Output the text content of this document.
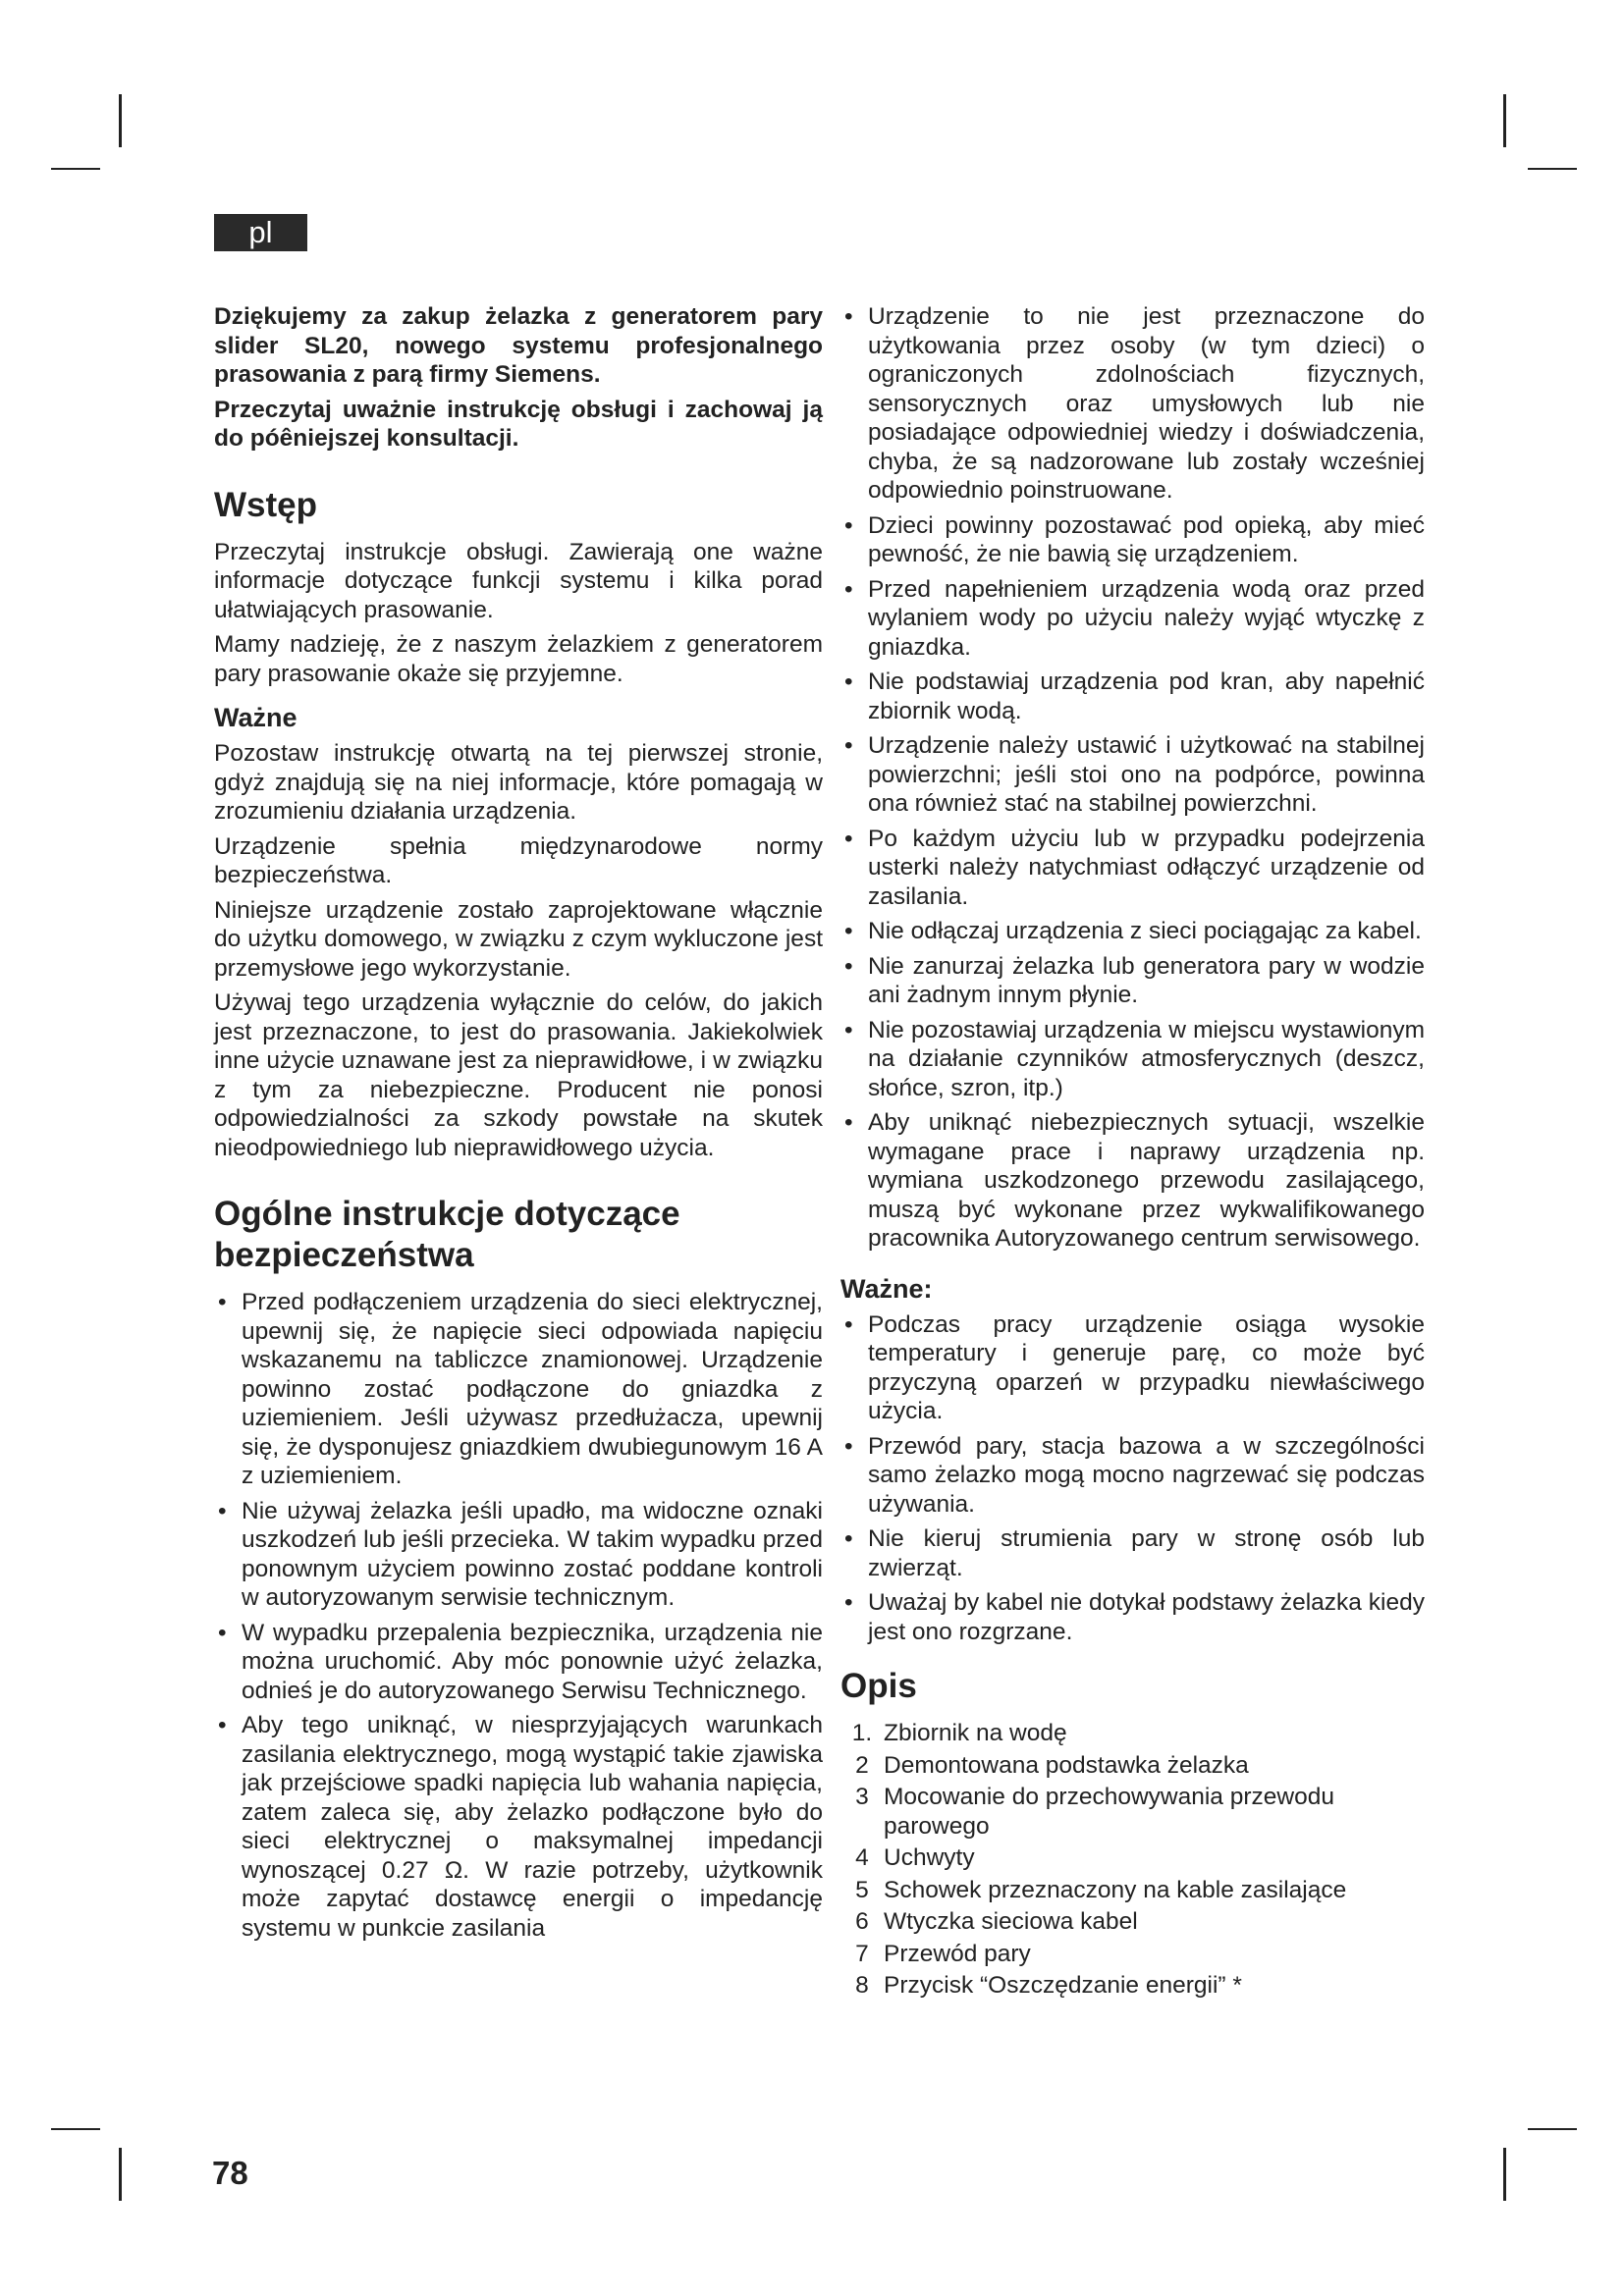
pl

Dziękujemy za zakup żelazka z generatorem pary slider SL20, nowego systemu profesjonalnego prasowania z parą firmy Siemens.

Przeczytaj uważnie instrukcję obsługi i zachowaj ją do póêniejszej konsultacji.

Wstęp

Przeczytaj instrukcje obsługi. Zawierają one ważne informacje dotyczące funkcji systemu i kilka porad ułatwiających prasowanie.

Mamy nadzieję, że z naszym żelazkiem z generatorem pary prasowanie okaże się przyjemne.

Ważne

Pozostaw instrukcję otwartą na tej pierwszej stronie, gdyż znajdują się na niej informacje, które pomagają w zrozumieniu działania urządzenia.

Urządzenie spełnia międzynarodowe normy bezpieczeństwa.

Niniejsze urządzenie zostało zaprojektowane włącznie do użytku domowego, w związku z czym wykluczone jest przemysłowe jego wykorzystanie.

Używaj tego urządzenia wyłącznie do celów, do jakich jest przeznaczone, to jest do prasowania. Jakiekolwiek inne użycie uznawane jest za nieprawidłowe, i w związku z tym za niebezpieczne. Producent nie ponosi odpowiedzialności za szkody powstałe na skutek nieodpowiedniego lub nieprawidłowego użycia.

Ogólne instrukcje dotyczące bezpieczeństwa
• Przed podłączeniem urządzenia do sieci elektrycznej, upewnij się, że napięcie sieci odpowiada napięciu wskazanemu na tabliczce znamionowej. Urządzenie powinno zostać podłączone do gniazdka z uziemieniem. Jeśli używasz przedłużacza, upewnij się, że dysponujesz gniazdkiem dwubiegunowym 16 A z uziemieniem.
• Nie używaj żelazka jeśli upadło, ma widoczne oznaki uszkodzeń lub jeśli przecieka. W takim wypadku przed ponownym użyciem powinno zostać poddane kontroli w autoryzowanym serwisie technicznym.
• W wypadku przepalenia bezpiecznika, urządzenia nie można uruchomić. Aby móc ponownie użyć żelazka, odnieś je do autoryzowanego Serwisu Technicznego.
• Aby tego uniknąć, w niesprzyjających warunkach zasilania elektrycznego, mogą wystąpić takie zjawiska jak przejściowe spadki napięcia lub wahania napięcia, zatem zaleca się, aby żelazko podłączone było do sieci elektrycznej o maksymalnej impedancji wynoszącej 0.27 Ω. W razie potrzeby, użytkownik może zapytać dostawcę energii o impedancję systemu w punkcie zasilania
• Urządzenie to nie jest przeznaczone do użytkowania przez osoby (w tym dzieci) o ograniczonych zdolnościach fizycznych, sensorycznych oraz umysłowych lub nie posiadające odpowiedniej wiedzy i doświadczenia, chyba, że są nadzorowane lub zostały wcześniej odpowiednio poinstruowane.
• Dzieci powinny pozostawać pod opieką, aby mieć pewność, że nie bawią się urządzeniem.
• Przed napełnieniem urządzenia wodą oraz przed wylaniem wody po użyciu należy wyjąć wtyczkę z gniazdka.
• Nie podstawiaj urządzenia pod kran, aby napełnić zbiornik wodą.
• Urządzenie należy ustawić i użytkować na stabilnej powierzchni; jeśli stoi ono na podpórce, powinna ona również stać na stabilnej powierzchni.
• Po każdym użyciu lub w przypadku podejrzenia usterki należy natychmiast odłączyć urządzenie od zasilania.
• Nie odłączaj urządzenia z sieci pociągając za kabel.
• Nie zanurzaj żelazka lub generatora pary w wodzie ani żadnym innym płynie.
• Nie pozostawiaj urządzenia w miejscu wystawionym na działanie czynników atmosferycznych (deszcz, słońce, szron, itp.)
• Aby uniknąć niebezpiecznych sytuacji, wszelkie wymagane prace i naprawy urządzenia np. wymiana uszkodzonego przewodu zasilającego, muszą być wykonane przez wykwalifikowanego pracownika Autoryzowanego centrum serwisowego.
Ważne:
• Podczas pracy urządzenie osiąga wysokie temperatury i generuje parę, co może być przyczyną oparzeń w przypadku niewłaściwego użycia.
• Przewód pary, stacja bazowa a w szczególności samo żelazko mogą mocno nagrzewać się podczas używania.
• Nie kieruj strumienia pary w stronę osób lub zwierząt.
• Uważaj by kabel nie dotykał podstawy żelazka kiedy jest ono rozgrzane.
Opis
1. Zbiornik na wodę
2 Demontowana podstawka żelazka
3 Mocowanie do przechowywania przewodu parowego
4 Uchwyty
5 Schowek przeznaczony na kable zasilające
6 Wtyczka sieciowa kabel
7 Przewód pary
8 Przycisk “Oszczędzanie energii” *
78
